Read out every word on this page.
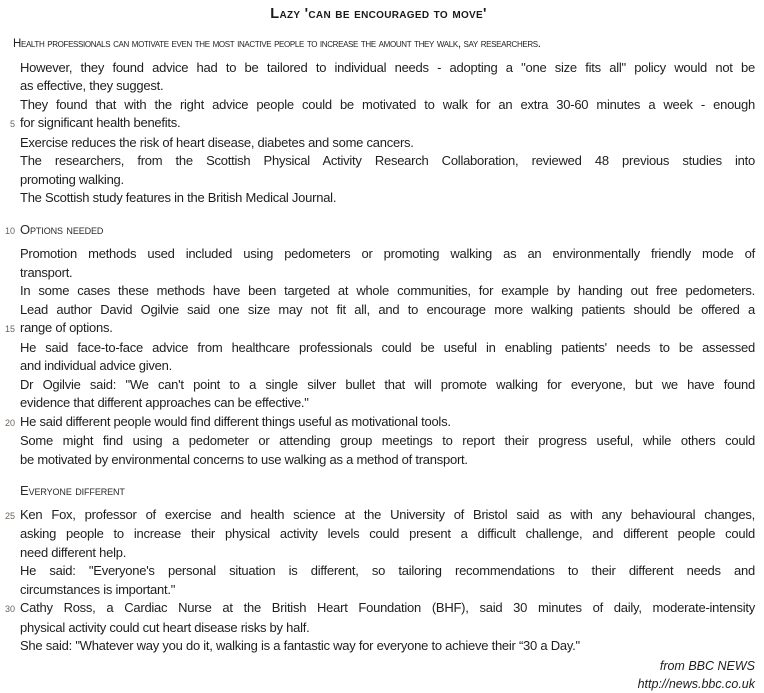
Lazy 'can be encouraged to move'
Health professionals can motivate even the most inactive people to increase the amount they walk, say researchers.
However, they found advice had to be tailored to individual needs - adopting a "one size fits all" policy would not be
as effective, they suggest.
They found that with the right advice people could be motivated to walk for an extra 30-60 minutes a week - enough
5 for significant health benefits.
Exercise reduces the risk of heart disease, diabetes and some cancers.
The researchers, from the Scottish Physical Activity Research Collaboration, reviewed 48 previous studies into
promoting walking.
The Scottish study features in the British Medical Journal.
10 Options needed
Promotion methods used included using pedometers or promoting walking as an environmentally friendly mode of
transport.
In some cases these methods have been targeted at whole communities, for example by handing out free pedometers.
Lead author David Ogilvie said one size may not fit all, and to encourage more walking patients should be offered a
15 range of options.
He said face-to-face advice from healthcare professionals could be useful in enabling patients' needs to be assessed
and individual advice given.
Dr Ogilvie said: "We can't point to a single silver bullet that will promote walking for everyone, but we have found
evidence that different approaches can be effective."
20 He said different people would find different things useful as motivational tools.
Some might find using a pedometer or attending group meetings to report their progress useful, while others could
be motivated by environmental concerns to use walking as a method of transport.
Everyone different
25 Ken Fox, professor of exercise and health science at the University of Bristol said as with any behavioural changes,
asking people to increase their physical activity levels could present a difficult challenge, and different people could
need different help.
He said: "Everyone's personal situation is different, so tailoring recommendations to their different needs and
circumstances is important."
30 Cathy Ross, a Cardiac Nurse at the British Heart Foundation (BHF), said 30 minutes of daily, moderate-intensity
physical activity could cut heart disease risks by half.
She said: "Whatever way you do it, walking is a fantastic way for everyone to achieve their “30 a Day."
from BBC NEWS
http://news.bbc.co.uk
